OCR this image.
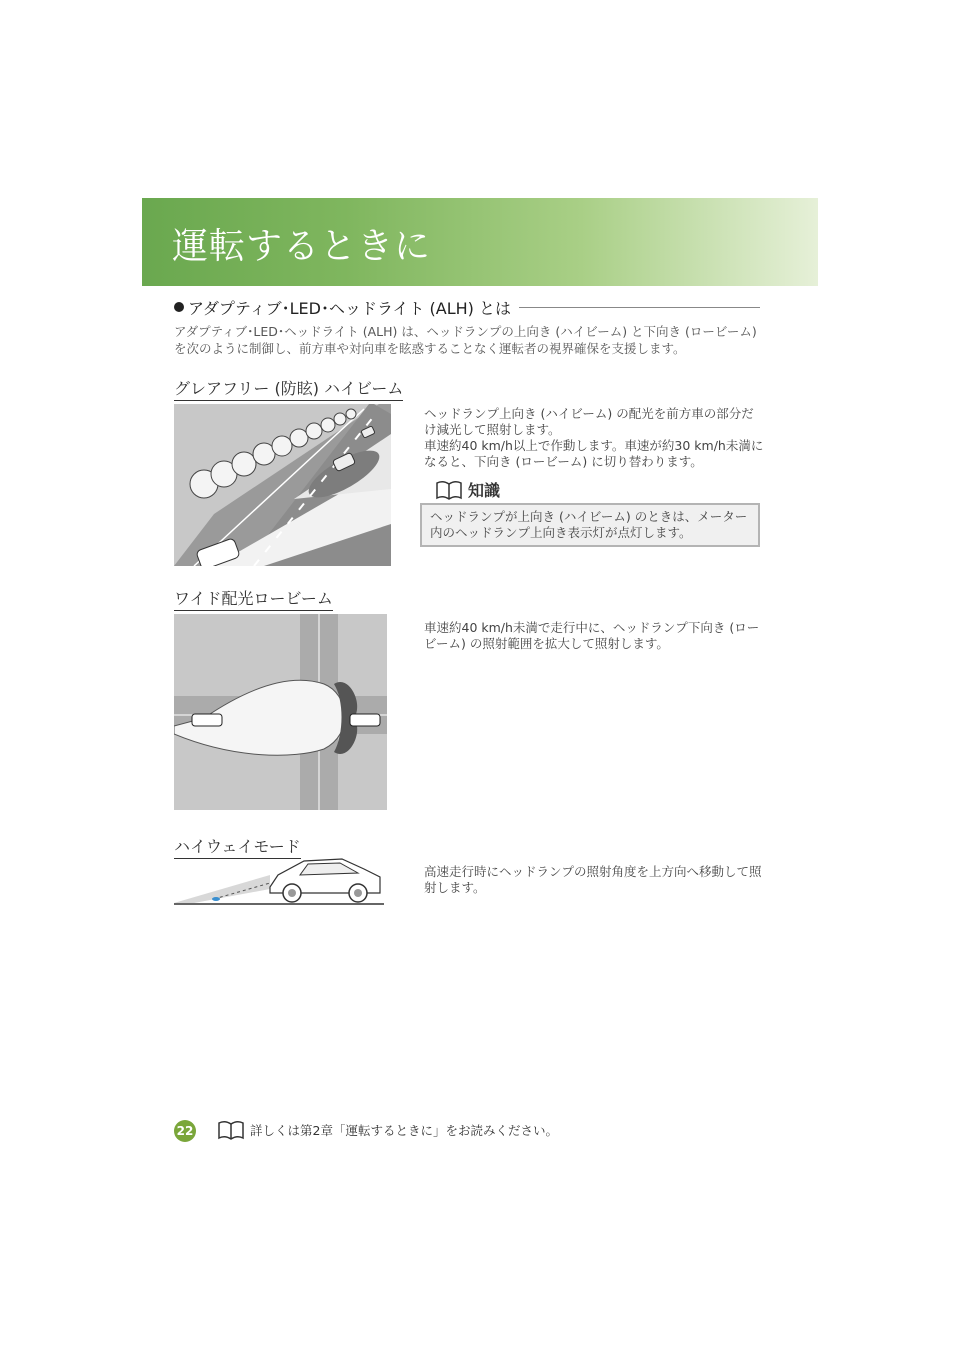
運転するときに
アダプティブ･LED･ヘッドライト (ALH) とは
アダプティブ･LED･ヘッドライト (ALH) は、ヘッドランプの上向き (ハイビーム) と下向き (ロービーム) を次のように制御し、前方車や対向車を眩惑することなく運転者の視界確保を支援します。
グレアフリー (防眩) ハイビーム

ヘッドランプ上向き (ハイビーム) の配光を前方車の部分だけ減光して照射します。

車速約40 km/h以上で作動します。車速が約30 km/h未満になると、下向き (ロービーム) に切り替わります。

知識
ヘッドランプが上向き (ハイビーム) のときは、メーター内のヘッドランプ上向き表示灯が点灯します。
ワイド配光ロービーム
車速約40 km/h未満で走行中に、ヘッドランプ下向き (ロービーム) の照射範囲を拡大して照射します。
ハイウェイモード
高速走行時にヘッドランプの照射角度を上方向へ移動して照射します。
22	詳しくは第2章「運転するときに」をお読みください。
